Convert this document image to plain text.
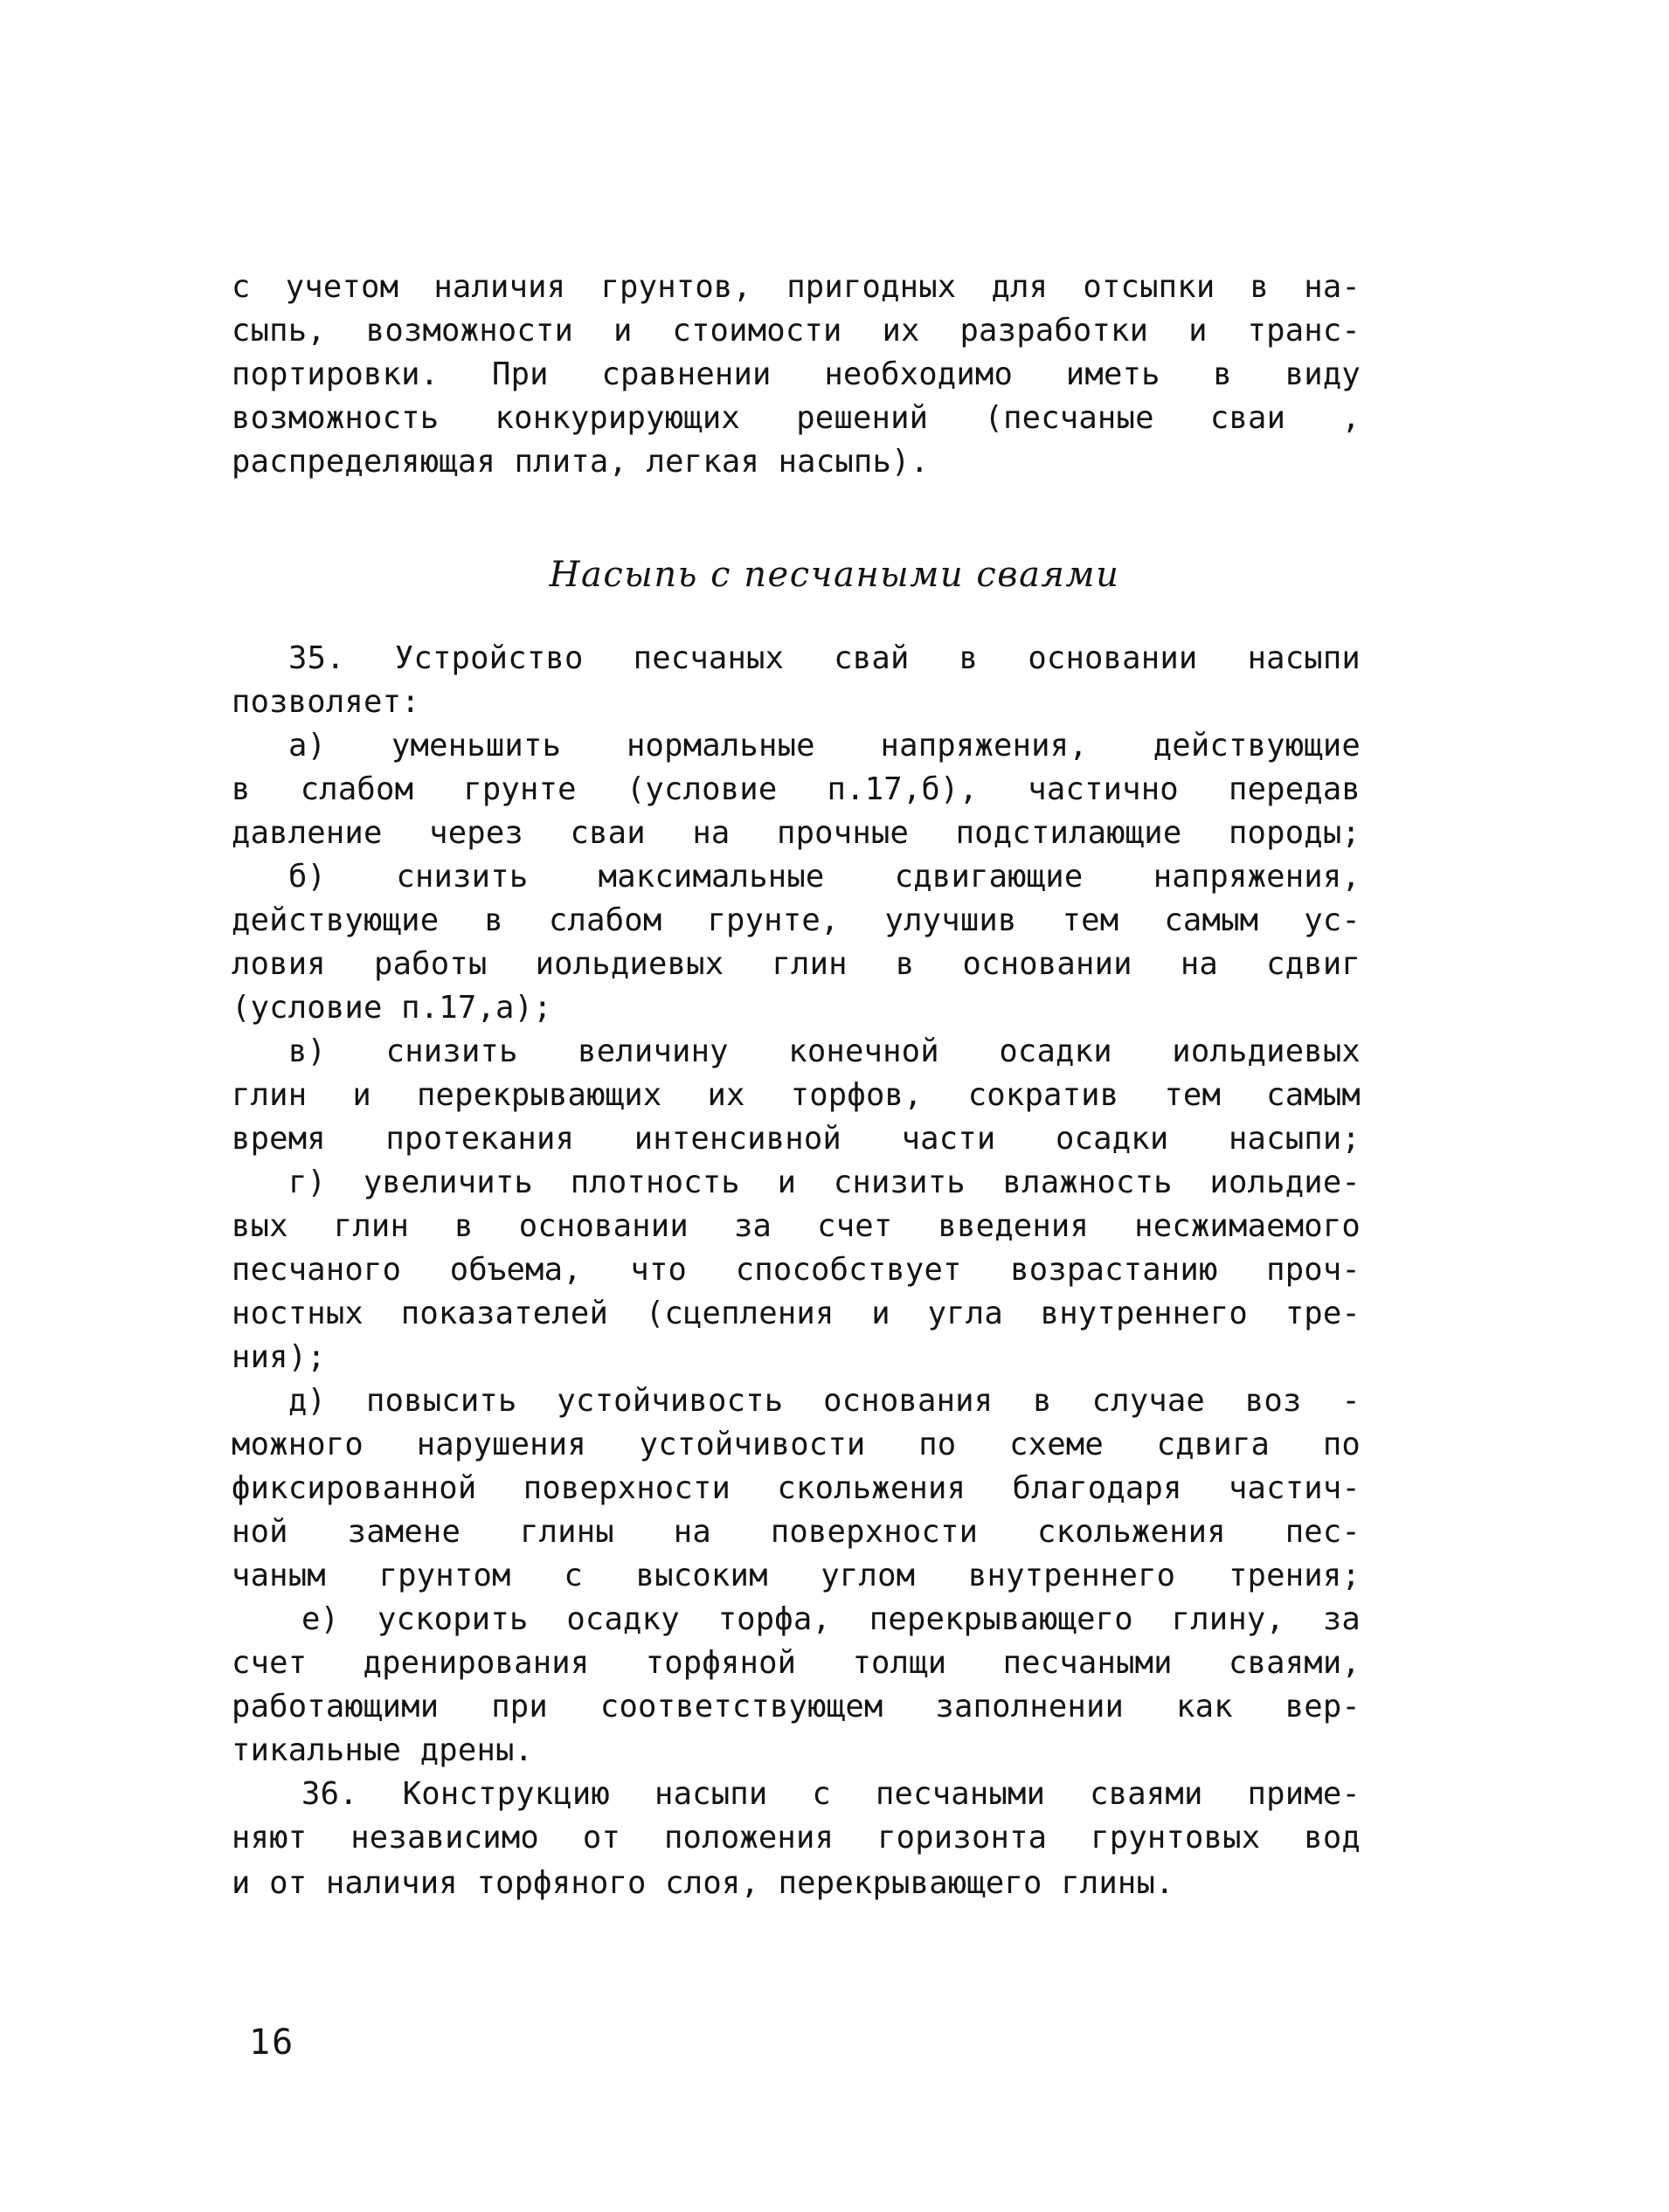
с учетом наличия грунтов, пригодных для отсыпки в на-
сыпь, возможности и стоимости их разработки и транс-
портировки. При сравнении необходимо иметь в виду
возможность конкурирующих решений (песчаные сваи ,
распределяющая плита, легкая насыпь).
Насыпь с песчаными сваями
35. Устройство песчаных свай в основании насыпи
позволяет:
а) уменьшить нормальные напряжения, действующие
в слабом грунте (условие п.17,б), частично передав
давление через сваи на прочные подстилающие породы;
б) снизить максимальные сдвигающие напряжения,
действующие в слабом грунте, улучшив тем самым ус-
ловия работы иольдиевых глин в основании на сдвиг
(условие п.17,а);
в) снизить величину конечной осадки иольдиевых
глин и перекрывающих их торфов, сократив тем самым
время протекания интенсивной части осадки насыпи;
г) увеличить плотность и снизить влажность иольдие-
вых глин в основании за счет введения несжимаемого
песчаного объема, что способствует возрастанию проч-
ностных показателей (сцепления и угла внутреннего тре-
ния);
д) повысить устойчивость основания в случае воз -
можного нарушения устойчивости по схеме сдвига по
фиксированной поверхности скольжения благодаря частич-
ной замене глины на поверхности скольжения пес-
чаным грунтом с высоким углом внутреннего трения;
е) ускорить осадку торфа, перекрывающего глину, за
счет дренирования торфяной толщи песчаными сваями,
работающими при соответствующем заполнении как вер-
тикальные дрены.
36. Конструкцию насыпи с песчаными сваями приме-
няют независимо от положения горизонта грунтовых вод
и от наличия торфяного слоя, перекрывающего глины.
16
